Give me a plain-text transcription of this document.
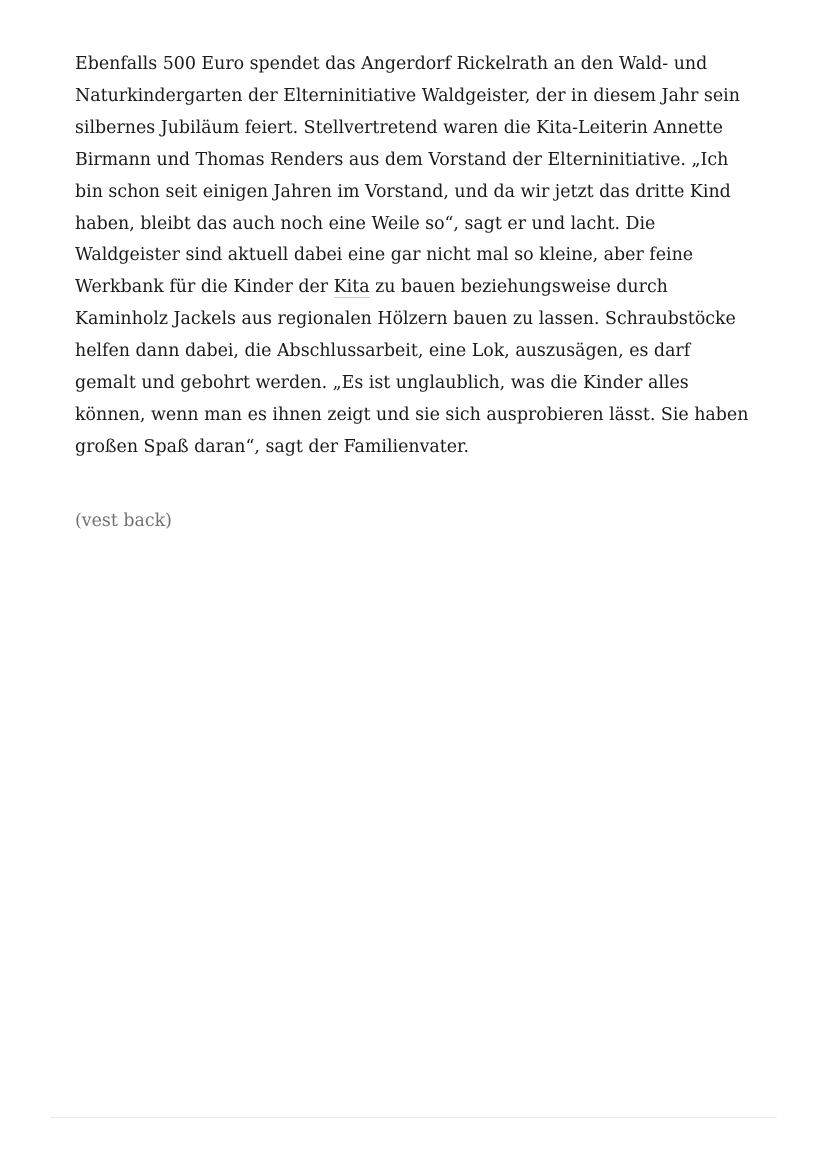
Ebenfalls 500 Euro spendet das Angerdorf Rickelrath an den Wald- und
Naturkindergarten der Elterninitiative Waldgeister, der in diesem Jahr sein
silbernes Jubiläum feiert. Stellvertretend waren die Kita-Leiterin Annette
Birmann und Thomas Renders aus dem Vorstand der Elterninitiative. „Ich
bin schon seit einigen Jahren im Vorstand, und da wir jetzt das dritte Kind
haben, bleibt das auch noch eine Weile so“, sagt er und lacht. Die
Waldgeister sind aktuell dabei eine gar nicht mal so kleine, aber feine
Werkbank für die Kinder der Kita zu bauen beziehungsweise durch
Kaminholz Jackels aus regionalen Hölzern bauen zu lassen. Schraubstöcke
helfen dann dabei, die Abschlussarbeit, eine Lok, auszusägen, es darf
gemalt und gebohrt werden. „Es ist unglaublich, was die Kinder alles
können, wenn man es ihnen zeigt und sie sich ausprobieren lässt. Sie haben
großen Spaß daran“, sagt der Familienvater.

(vest back)
